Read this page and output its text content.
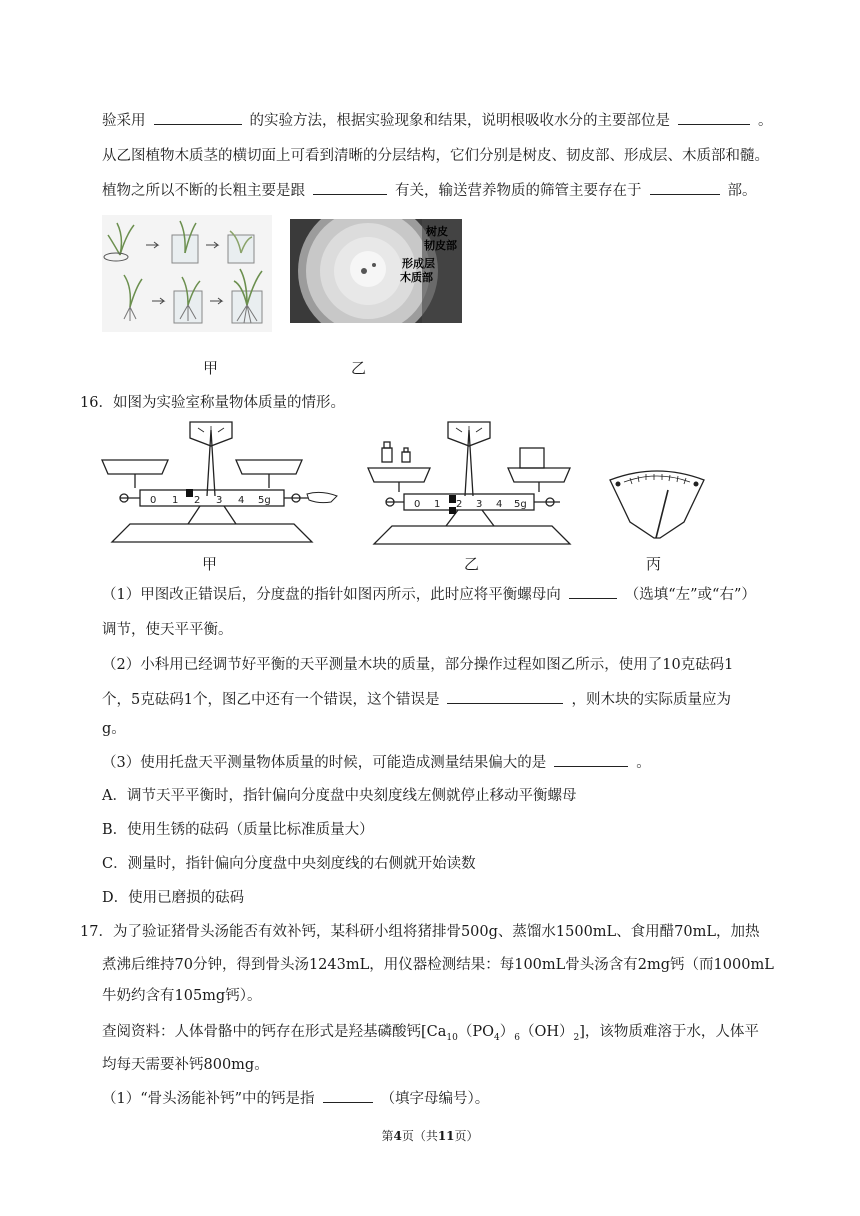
验采用	的实验方法，根据实验现象和结果，说明根吸收水分的主要部位是	。
从乙图植物木质茎的横切面上可看到清晰的分层结构，它们分别是树皮、韧皮部、形成层、木质部和髓。
植物之所以不断的长粗主要是跟	有关，输送营养物质的筛管主要存在于	部。
甲
树皮
韧皮部
形成层
木质部
乙
16．如图为实验室称量物体质量的情形。
0 1 2 3 4 5g
甲
0 1 2 3 4 5g
乙	丙
（1）甲图改正错误后，分度盘的指针如图丙所示，此时应将平衡螺母向	（选填“左”或“右”）
调节，使天平平衡。
（2）小科用已经调节好平衡的天平测量木块的质量，部分操作过程如图乙所示，使用了10克砝码1
个，5克砝码1个，图乙中还有一个错误，这个错误是	，则木块的实际质量应为
g。
（3）使用托盘天平测量物体质量的时候，可能造成测量结果偏大的是	。
A．调节天平平衡时，指针偏向分度盘中央刻度线左侧就停止移动平衡螺母
B．使用生锈的砝码（质量比标准质量大）
C．测量时，指针偏向分度盘中央刻度线的右侧就开始读数
D．使用已磨损的砝码
17．为了验证猪骨头汤能否有效补钙，某科研小组将猪排骨500g、蒸馏水1500mL、食用醋70mL，加热
煮沸后维持70分钟，得到骨头汤1243mL，用仪器检测结果：每100mL骨头汤含有2mg钙（而1000mL
牛奶约含有105mg钙）。
查阅资料：人体骨骼中的钙存在形式是羟基磷酸钙$[Ca_{10}(PO_4)_6(OH)_2]$，该物质难溶于水，人体平
均每天需要补钙800mg。
（1）“骨头汤能补钙”中的钙是指	（填字母编号）。
第4页（共11页）
